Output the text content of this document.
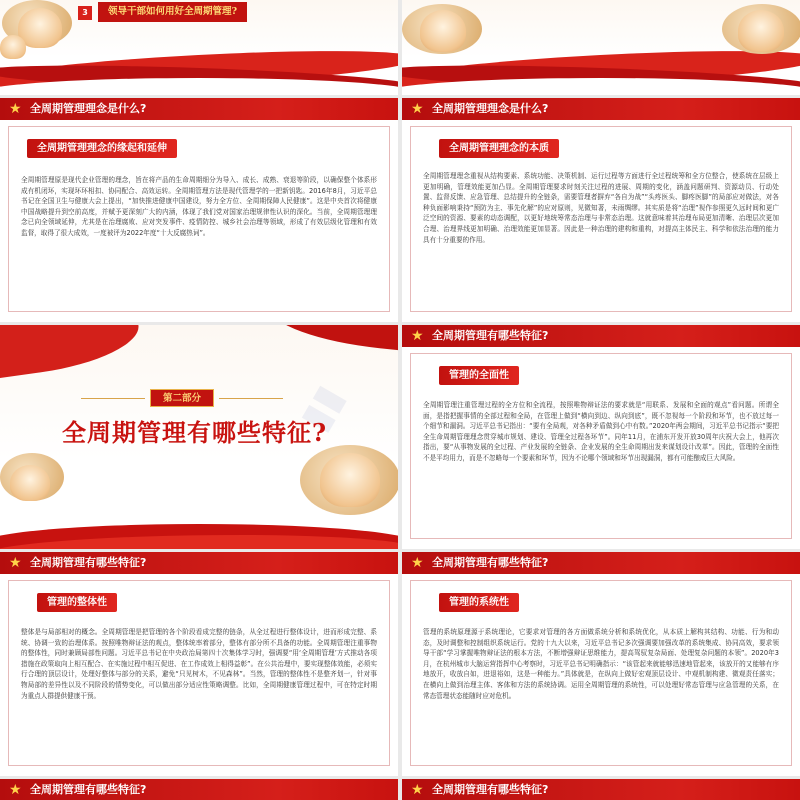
3	领导干部如何用好全周期管理?
★ 全周期管理理念是什么?
全周期管理理念的缘起和延伸
全周期管理原是现代企业管理的理念，旨在将产品的生命周期细分为导入、成长、成熟、衰退等阶段，以确保整个体系形成有机闭环，实现环环相扣、协同配合、高效运转。全周期管理方法是现代管理学的一把新钥匙。2016年8月，习近平总书记在全国卫生与健康大会上提出，“加快推进健康中国建设，努力全方位、全周期保障人民健康”。这是中央首次将健康中国战略提升到空前高度，并赋予更深刻广大的内涵，体现了我们党对国家治理规律性认识的深化。当前，全周期管理理念已向全领域延伸，尤其是在治理腐败、应对突发事件、疫情防控、城乡社会治理等领域，形成了有效层级化管理和有效监督，取得了很大成效，一度被评为2022年度“十大反腐热词”。
★ 全周期管理理念是什么?
全周期管理理念的本质
全周期管理理念重视从结构要素、系统功能、决策机制、运行过程等方面进行全过程统筹和全方位整合，使系统在层级上更加明确，管理效能更加凸显。全周期管理要求时刻关注过程的进展、周期的变化，涵盖问题研判、资源动员、行动处置、监督反馈、应急管理、总结提升的全链条，需要管理者摒弃“各自为战”“头疼医头、脚疼医脚”的局部应对做法，对各种负面影响秉持“预防为主、事先化解”的应对原则，见微知著，未雨绸缪。其实质是将“治理”视作参照更久远时间和更广泛空间的资源、要素的动态调配，以更好地统筹常态治理与非常态治理。这就意味着其治理布局更加清晰、治理层次更加合理、治理界线更加明确、治理效能更加显著。因此是一种治理的建构和重构，对提高主体民主、科学和依法治理的能力具有十分重要的作用。
▮▮
第二部分
全周期管理有哪些特征?
★ 全周期管理有哪些特征?
管理的全面性
全周期管理注重管理过程的全方位和全流程，按照唯物辩证法的要求就是“用联系、发展和全面的观点”看问题。所谓全面，是指把握事情的全部过程和全局，在管理上做到“横向到边、纵向到底”，既不忽视每一个阶段和环节，也不放过每一个细节和漏洞。习近平总书记指出：“要有全局观，对各种矛盾做到心中有数。”2020年两会期间，习近平总书记指示“要把全生命周期管理理念贯穿城市规划、建设、管理全过程各环节”。同年11月，在浦东开发开放30周年庆祝大会上，他再次指出，要“从事物发展的全过程、产业发展的全链条、企业发展的全生命周期出发来谋划设计改革”。因此，管理的全面性不是平均用力，而是不忽略每一个要素和环节，因为不论哪个领域和环节出现漏洞，都有可能酿成巨大风险。
★ 全周期管理有哪些特征?
管理的整体性
整体是与局部相对的概念。全周期管理是把管理的各个阶段看成完整的链条，从全过程进行整体设计，进而形成完整、系统、协调一致的治理体系。按照唯物辩证法的观点，整体统率着部分，整体有部分所不具备的功能。全周期管理注重事物的整体性，同时兼顾局部性问题。习近平总书记在中央政治局第四十次集体学习时，强调要“用‘全周期管理’方式推动各项措施在政策取向上相互配合、在实施过程中相互促进、在工作成效上相得益彰”。在公共治理中，要实现整体效能，必须实行合理的顶层设计，处理好整体与部分的关系，避免“只见树木，不见森林”。当然，管理的整体性不是整齐划一，针对事物局部的差异性以及不同阶段的情势变化，可以做出部分适应性策略调整。比如，全周期健康管理过程中，可在特定时期为重点人群提供健康干预。
★ 全周期管理有哪些特征?
管理的系统性
管理的系统原理源于系统理论，它要求对管理的各方面做系统分析和系统优化，从本质上解构其结构、功能、行为和动态，及时调整和控制组织系统运行。党的十九大以来，习近平总书记多次强调要加强改革的系统集成、协同高效，要求领导干部“学习掌握唯物辩证法的根本方法，不断增强辩证思维能力，提高驾驭复杂局面、处理复杂问题的本领”。2020年3月，在杭州城市大脑运营指挥中心考察时，习近平总书记明确指示：“该管起来就能够迅速地管起来，该放开的又能够有序地放开，收放自如，进退裕如，这是一种能力。”具体就是，在纵向上做好宏观顶层设计、中观机制构建、微观责任落实；在横向上做到治理主体、客体和方法的系统协调。运用全周期管理的系统性，可以处理好常态管理与应急管理的关系，在常态管理状态能随时应对危机。
★ 全周期管理有哪些特征?	★ 全周期管理有哪些特征?
